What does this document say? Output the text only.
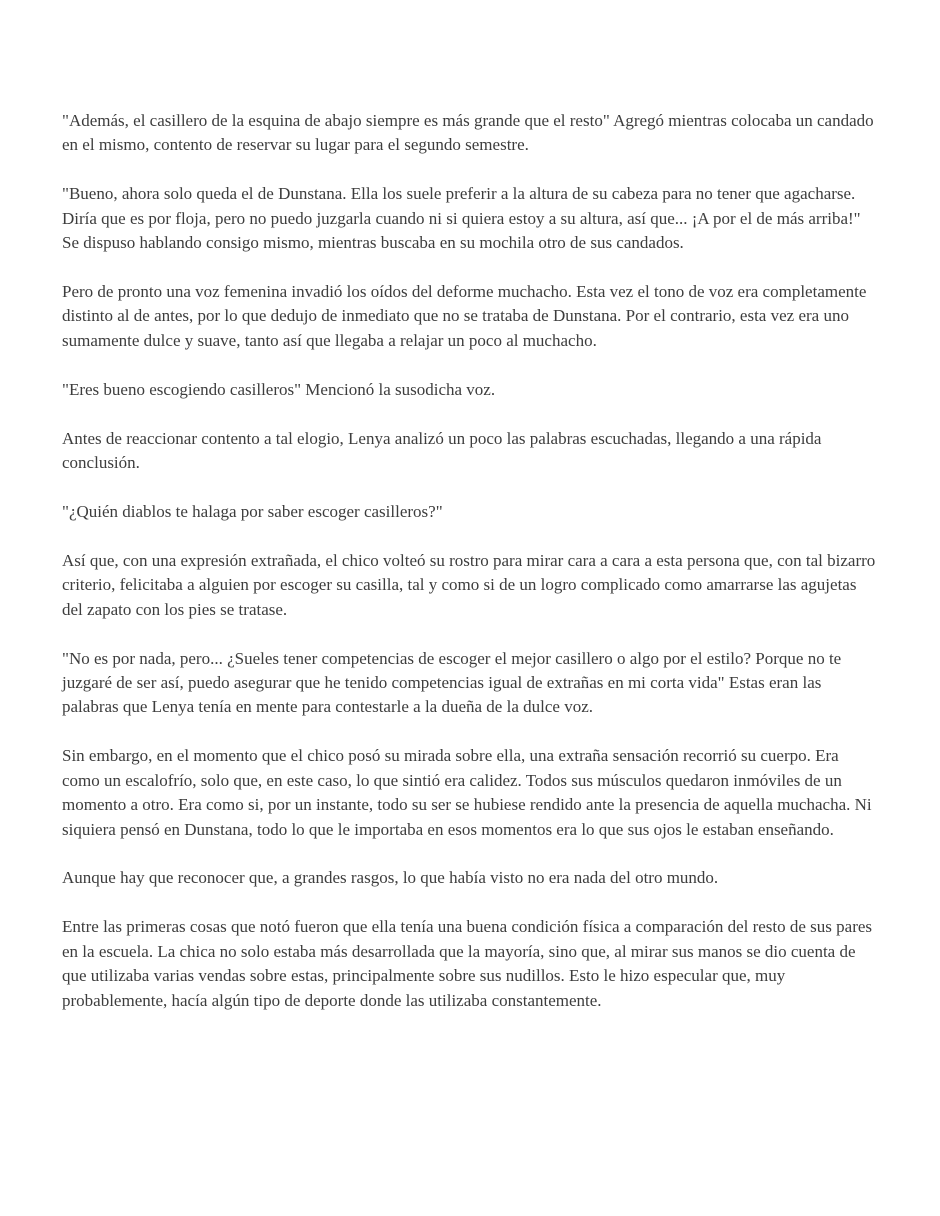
"Además, el casillero de la esquina de abajo siempre es más grande que el resto" Agregó mientras colocaba un candado en el mismo, contento de reservar su lugar para el segundo semestre.

"Bueno, ahora solo queda el de Dunstana. Ella los suele preferir a la altura de su cabeza para no tener que agacharse. Diría que es por floja, pero no puedo juzgarla cuando ni si quiera estoy a su altura, así que... ¡A por el de más arriba!" Se dispuso hablando consigo mismo, mientras buscaba en su mochila otro de sus candados.

Pero de pronto una voz femenina invadió los oídos del deforme muchacho. Esta vez el tono de voz era completamente distinto al de antes, por lo que dedujo de inmediato que no se trataba de Dunstana. Por el contrario, esta vez era uno sumamente dulce y suave, tanto así que llegaba a relajar un poco al muchacho.

"Eres bueno escogiendo casilleros" Mencionó la susodicha voz.

Antes de reaccionar contento a tal elogio, Lenya analizó un poco las palabras escuchadas, llegando a una rápida conclusión.

"¿Quién diablos te halaga por saber escoger casilleros?"

Así que, con una expresión extrañada, el chico volteó su rostro para mirar cara a cara a esta persona que, con tal bizarro criterio, felicitaba a alguien por escoger su casilla, tal y como si de un logro complicado como amarrarse las agujetas del zapato con los pies se tratase.

"No es por nada, pero... ¿Sueles tener competencias de escoger el mejor casillero o algo por el estilo? Porque no te juzgaré de ser así, puedo asegurar que he tenido competencias igual de extrañas en mi corta vida" Estas eran las palabras que Lenya tenía en mente para contestarle a la dueña de la dulce voz.

Sin embargo, en el momento que el chico posó su mirada sobre ella, una extraña sensación recorrió su cuerpo. Era como un escalofrío, solo que, en este caso, lo que sintió era calidez. Todos sus músculos quedaron inmóviles de un momento a otro. Era como si, por un instante, todo su ser se hubiese rendido ante la presencia de aquella muchacha. Ni siquiera pensó en Dunstana, todo lo que le importaba en esos momentos era lo que sus ojos le estaban enseñando.

Aunque hay que reconocer que, a grandes rasgos, lo que había visto no era nada del otro mundo.

Entre las primeras cosas que notó fueron que ella tenía una buena condición física a comparación del resto de sus pares en la escuela. La chica no solo estaba más desarrollada que la mayoría, sino que, al mirar sus manos se dio cuenta de que utilizaba varias vendas sobre estas, principalmente sobre sus nudillos. Esto le hizo especular que, muy probablemente, hacía algún tipo de deporte donde las utilizaba constantemente.
